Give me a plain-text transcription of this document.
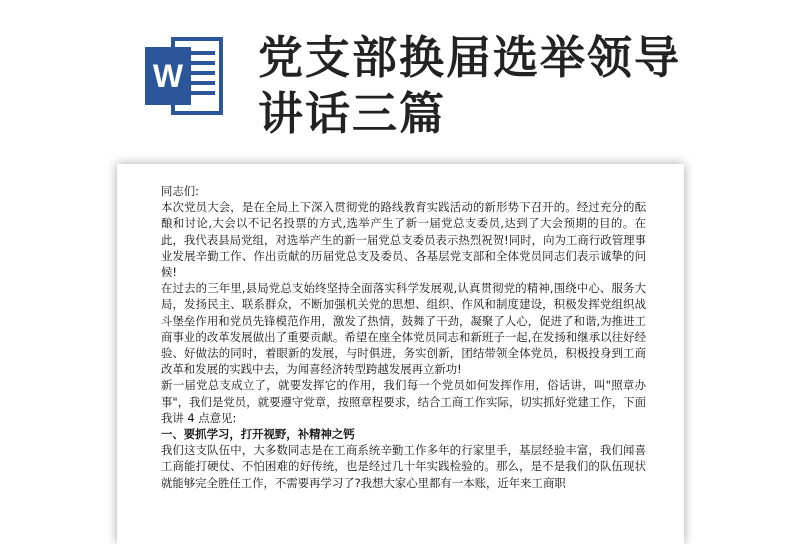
W 党支部换届选举领导
讲话三篇

同志们:

本次党员大会，是在全局上下深入贯彻党的路线教育实践活动的新形势下召开的。经过充分的酝酿和讨论,大会以不记名投票的方式,选举产生了新一届党总支委员,达到了大会预期的目的。在此，我代表县局党组，对选举产生的新一届党总支委员表示热烈祝贺!同时，向为工商行政管理事业发展辛勤工作、作出贡献的历届党总支及委员、各基层党支部和全体党员同志们表示诚挚的问候!

在过去的三年里,县局党总支始终坚持全面落实科学发展观,认真贯彻党的精神,围绕中心、服务大局，发扬民主、联系群众，不断加强机关党的思想、组织、作风和制度建设，积极发挥党组织战斗堡垒作用和党员先锋模范作用，激发了热情，鼓舞了干劲，凝聚了人心，促进了和谐,为推进工商事业的改革发展做出了重要贡献。希望在座全体党员同志和新班子一起,在发扬和继承以往好经验、好做法的同时，着眼新的发展，与时俱进，务实创新，团结带领全体党员，积极投身到工商改革和发展的实践中去，为闻喜经济转型跨越发展再立新功!

新一届党总支成立了，就要发挥它的作用，我们每一个党员如何发挥作用，俗话讲，叫"照章办事"，我们是党员，就要遵守党章，按照章程要求，结合工商工作实际，切实抓好党建工作，下面我讲 4 点意见:

一、要抓学习，打开视野，补精神之钙

我们这支队伍中，大多数同志是在工商系统辛勤工作多年的行家里手，基层经验丰富，我们闻喜工商能打硬仗、不怕困难的好传统，也是经过几十年实践检验的。那么，是不是我们的队伍现状就能够完全胜任工作，不需要再学习了?我想大家心里都有一本账，近年来工商职
